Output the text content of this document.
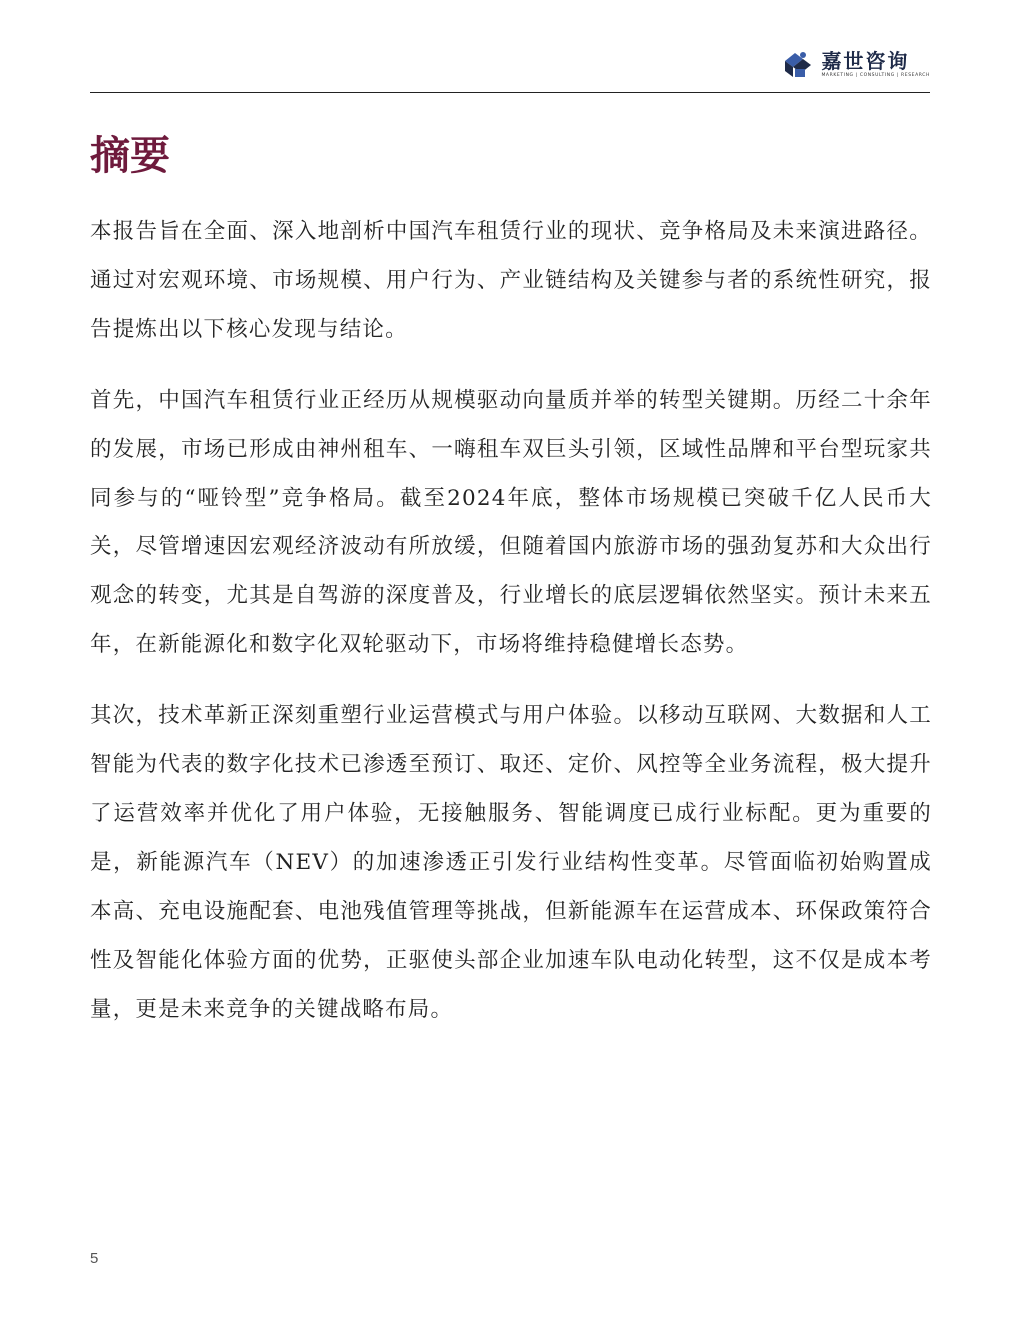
嘉世咨询
MARKETING | CONSULTING | RESEARCH
摘要

本报告旨在全面、深入地剖析中国汽车租赁行业的现状、竞争格局及未来演进路径。通过对宏观环境、市场规模、用户行为、产业链结构及关键参与者的系统性研究，报告提炼出以下核心发现与结论。

首先，中国汽车租赁行业正经历从规模驱动向量质并举的转型关键期。历经二十余年的发展，市场已形成由神州租车、一嗨租车双巨头引领，区域性品牌和平台型玩家共同参与的“哑铃型”竞争格局。截至2024年底，整体市场规模已突破千亿人民币大关，尽管增速因宏观经济波动有所放缓，但随着国内旅游市场的强劲复苏和大众出行观念的转变，尤其是自驾游的深度普及，行业增长的底层逻辑依然坚实。预计未来五年，在新能源化和数字化双轮驱动下，市场将维持稳健增长态势。

其次，技术革新正深刻重塑行业运营模式与用户体验。以移动互联网、大数据和人工智能为代表的数字化技术已渗透至预订、取还、定价、风控等全业务流程，极大提升了运营效率并优化了用户体验，无接触服务、智能调度已成行业标配。更为重要的是，新能源汽车（NEV）的加速渗透正引发行业结构性变革。尽管面临初始购置成本高、充电设施配套、电池残值管理等挑战，但新能源车在运营成本、环保政策符合性及智能化体验方面的优势，正驱使头部企业加速车队电动化转型，这不仅是成本考量，更是未来竞争的关键战略布局。

5
